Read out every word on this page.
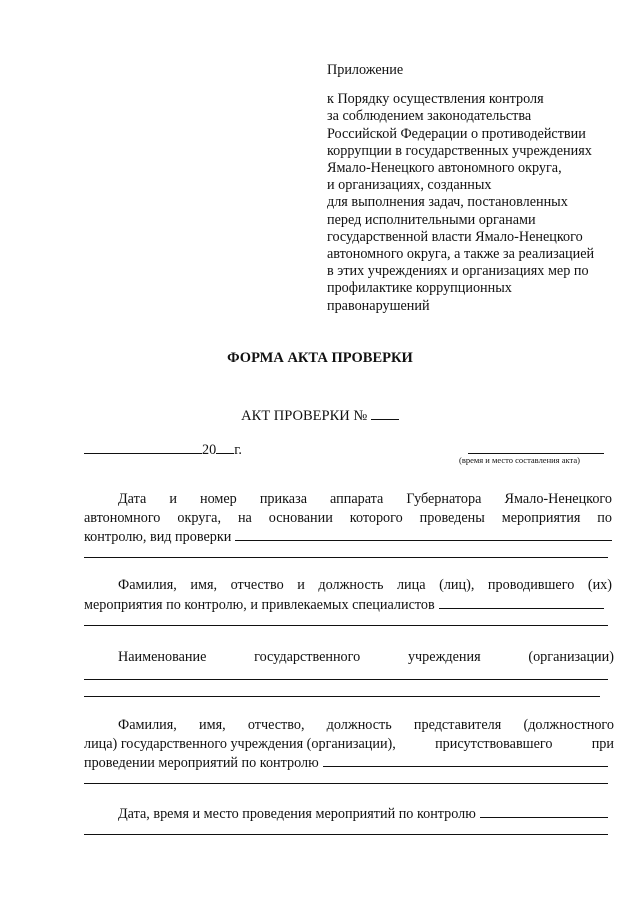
Приложение
к Порядку осуществления контроля
за соблюдением законодательства
Российской Федерации о противодействии
коррупции в государственных учреждениях
Ямало-Ненецкого автономного округа,
и организациях, созданных
для выполнения задач, постановленных
перед исполнительными органами
государственной власти Ямало-Ненецкого
автономного округа, а также за реализацией
в этих учреждениях и организациях мер по
профилактике коррупционных
правонарушений
ФОРМА АКТА ПРОВЕРКИ
АКТ ПРОВЕРКИ №
20 г.
(время и место составления акта)
Дата и номер приказа аппарата Губернатора Ямало-Ненецкого
автономного округа, на основании которого проведены мероприятия по
контролю, вид проверки
Фамилия, имя, отчество и должность лица (лиц), проводившего (их)
мероприятия по контролю, и привлекаемых специалистов
Наименование	государственного	учреждения	(организации)
Фамилия, имя, отчество, должность представителя (должностного
лица) государственного учреждения (организации),	присутствовавшего	при
проведении мероприятий по контролю
Дата, время и место проведения мероприятий по контролю
